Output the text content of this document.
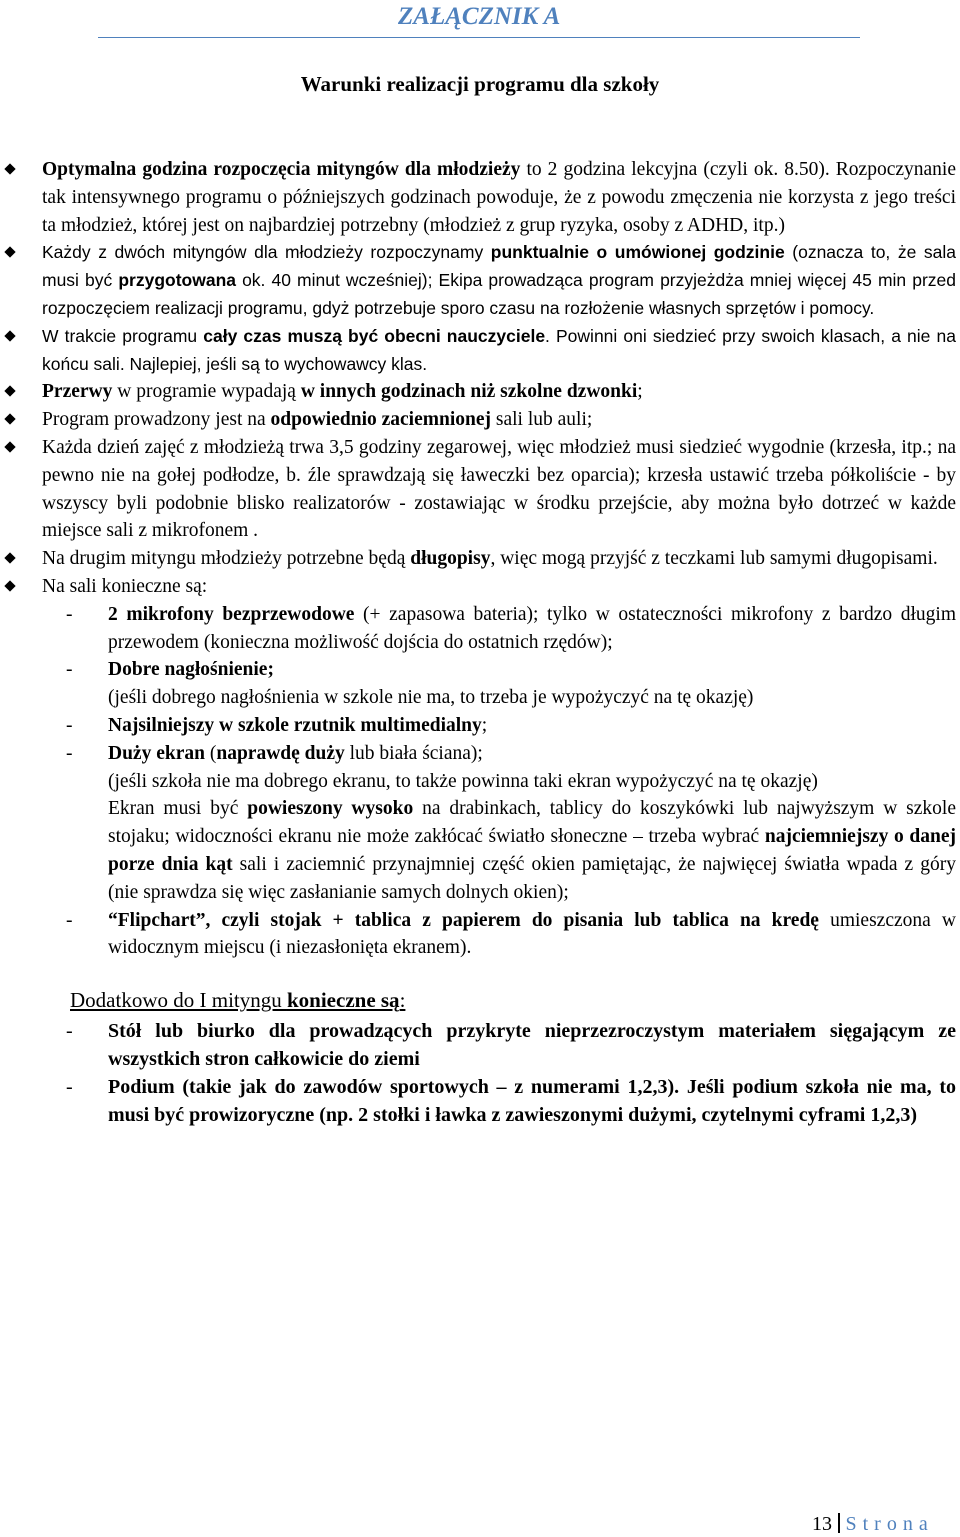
ZAŁĄCZNIK A
Warunki realizacji programu dla szkoły
Optymalna godzina rozpoczęcia mityngów dla młodzieży to 2 godzina lekcyjna (czyli ok. 8.50). Rozpoczynanie tak intensywnego programu o późniejszych godzinach powoduje, że z powodu zmęczenia nie korzysta z jego treści ta młodzież, której jest on najbardziej potrzebny (młodzież z grup ryzyka, osoby z ADHD, itp.)
Każdy z dwóch mityngów dla młodzieży rozpoczynamy punktualnie o umówionej godzinie (oznacza to, że sala musi być przygotowana ok. 40 minut wcześniej); Ekipa prowadząca program przyjeżdża mniej więcej 45 min przed rozpoczęciem realizacji programu, gdyż potrzebuje sporo czasu na rozłożenie własnych sprzętów i pomocy.
W trakcie programu cały czas muszą być obecni nauczyciele. Powinni oni siedzieć przy swoich klasach, a nie na końcu sali. Najlepiej, jeśli są to wychowawcy klas.
Przerwy w programie wypadają w innych godzinach niż szkolne dzwonki;
Program prowadzony jest na odpowiednio zaciemnionej sali lub auli;
Każda dzień zajęć z młodzieżą trwa 3,5 godziny zegarowej, więc młodzież musi siedzieć wygodnie (krzesła, itp.; na pewno nie na gołej podłodze, b. źle sprawdzają się ławeczki bez oparcia); krzesła ustawić trzeba półkoliście - by wszyscy byli podobnie blisko realizatorów - zostawiając w środku przejście, aby można było dotrzeć w każde miejsce sali z mikrofonem .
Na drugim mityngu młodzieży potrzebne będą długopisy, więc mogą przyjść z teczkami lub samymi długopisami.
Na sali konieczne są:
- 2 mikrofony bezprzewodowe (+ zapasowa bateria); tylko w ostateczności mikrofony z bardzo długim przewodem (konieczna możliwość dojścia do ostatnich rzędów);
- Dobre nagłośnienie;
(jeśli dobrego nagłośnienia w szkole nie ma, to trzeba je wypożyczyć na tę okazję)
- Najsilniejszy w szkole rzutnik multimedialny;
- Duży ekran (naprawdę duży lub biała ściana);
(jeśli szkoła nie ma dobrego ekranu, to także powinna taki ekran wypożyczyć na tę okazję)
Ekran musi być powieszony wysoko na drabinkach, tablicy do koszykówki lub najwyższym w szkole stojaku; widoczności ekranu nie może zakłócać światło słoneczne – trzeba wybrać najciemniejszy o danej porze dnia kąt sali i zaciemnić przynajmniej część okien pamiętając, że najwięcej światła wpada z góry (nie sprawdza się więc zasłanianie samych dolnych okien);
- “Flipchart”, czyli stojak + tablica z papierem do pisania lub tablica na kredę umieszczona w widocznym miejscu (i niezasłonięta ekranem).
Dodatkowo do I mityngu konieczne są:
- Stół lub biurko dla prowadzących przykryte nieprzezroczystym materiałem sięgającym ze wszystkich stron całkowicie do ziemi
- Podium (takie jak do zawodów sportowych – z numerami 1,2,3). Jeśli podium szkoła nie ma, to musi być prowizoryczne (np. 2 stołki i ławka z zawieszonymi dużymi, czytelnymi cyframi 1,2,3)
13 Strona
